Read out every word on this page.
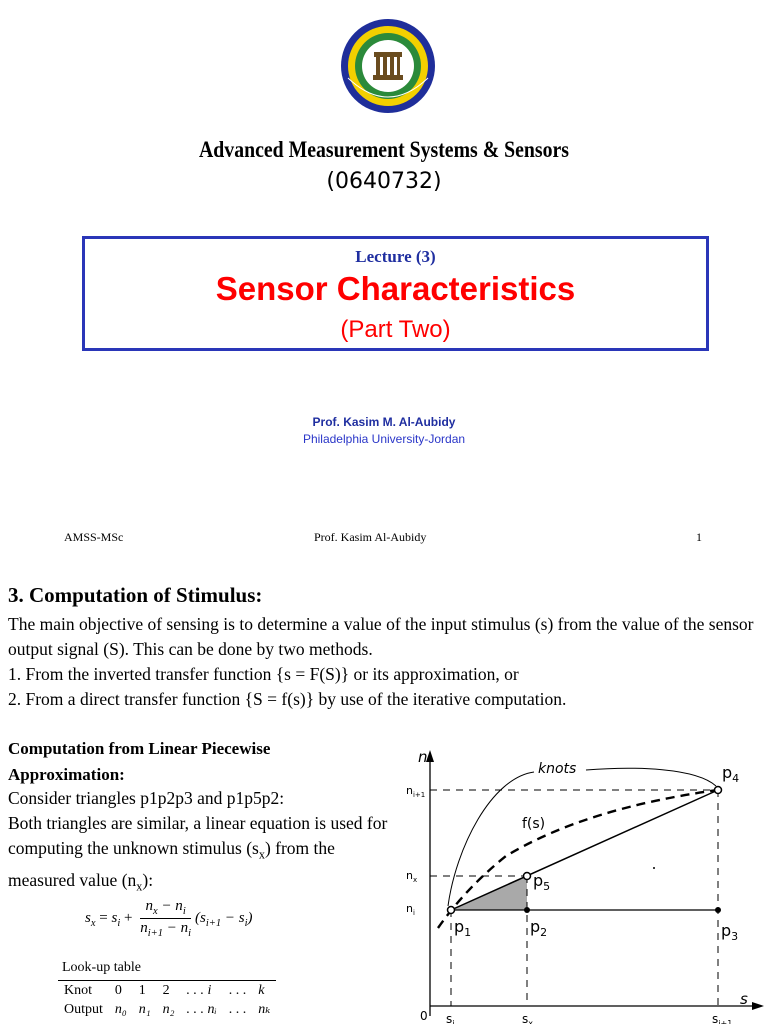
Advanced Measurement Systems & Sensors
(0640732)
Lecture (3)
Sensor Characteristics
(Part Two)
Prof. Kasim M. Al-Aubidy
Philadelphia University-Jordan
AMSS-MSc	Prof. Kasim Al-Aubidy	1
3. Computation of Stimulus:

The main objective of sensing is to determine a value of the input stimulus (s) from the value of the sensor output signal (S). This can be done by two methods.

1. From the inverted transfer function {s = F(S)} or its approximation, or

2. From a direct transfer function {S = f(s)} by use of the iterative computation.

Computation from Linear Piecewise Approximation:

Consider triangles p1p2p3 and p1p5p2:

Both triangles are similar, a linear equation is used for computing the unknown stimulus $(s_x)$ from the measured value $(n_x)$:

$s_x = s_i + \frac{n_x - n_i}{n_{i+1} - n_i} (s_{i+1} - s_i)$
Look-up table
Knot	0	1	2	. . . i	. . .	k
Output	n₀	n₁	n₂	. . . nᵢ	. . .	nₖ
n
s
0
knots
f(s)
$n_{i+1}$
$n_x$
$n_i$
$s_i$	$s_x$	$s_{i+1}$
$p_1$	$p_2$	$p_3$
$p_4$
$p_5$
